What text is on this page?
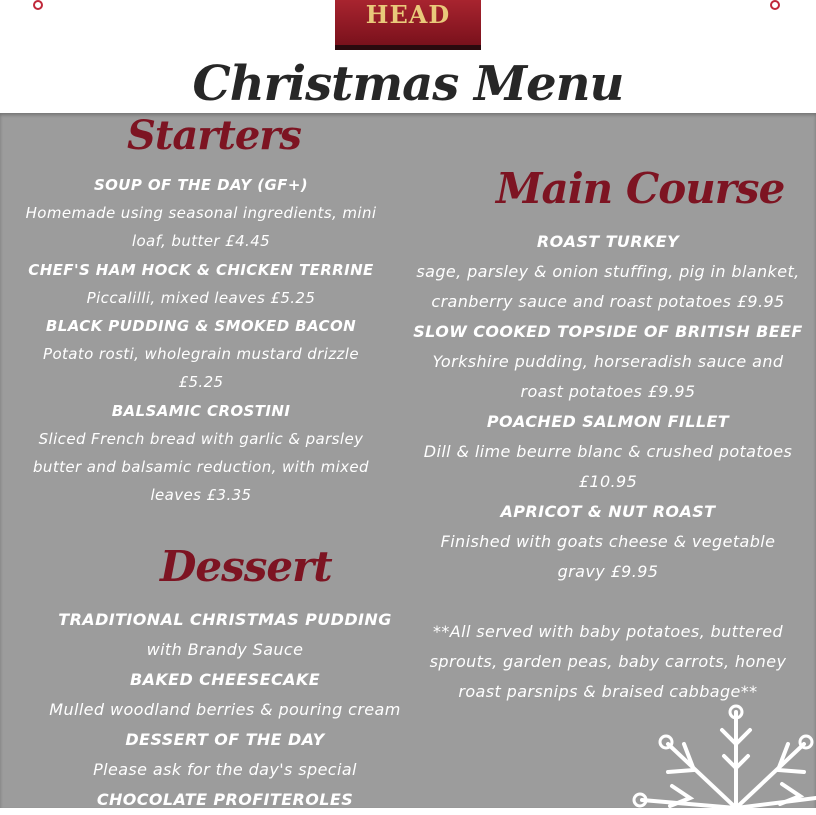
HEAD
Christmas Menu
Starters
SOUP OF THE DAY (GF+)
Homemade using seasonal ingredients, mini
loaf, butter £4.45
CHEF'S HAM HOCK & CHICKEN TERRINE
Piccalilli, mixed leaves £5.25
BLACK PUDDING & SMOKED BACON
Potato rosti, wholegrain mustard drizzle £5.25
BALSAMIC CROSTINI
Sliced French bread with garlic & parsley
butter and balsamic reduction, with mixed
leaves £3.35
Main Course
ROAST TURKEY
sage, parsley & onion stuffing, pig in blanket,
cranberry sauce and roast potatoes £9.95
SLOW COOKED TOPSIDE OF BRITISH BEEF
Yorkshire pudding, horseradish sauce and
roast potatoes £9.95
POACHED SALMON FILLET
Dill & lime beurre blanc & crushed potatoes
£10.95
APRICOT & NUT ROAST
Finished with goats cheese & vegetable
gravy £9.95
**All served with baby potatoes, buttered
sprouts, garden peas, baby carrots, honey
roast parsnips & braised cabbage**
Dessert
TRADITIONAL CHRISTMAS PUDDING
with Brandy Sauce
BAKED CHEESECAKE
Mulled woodland berries & pouring cream
DESSERT OF THE DAY
Please ask for the day's special
CHOCOLATE PROFITEROLES
